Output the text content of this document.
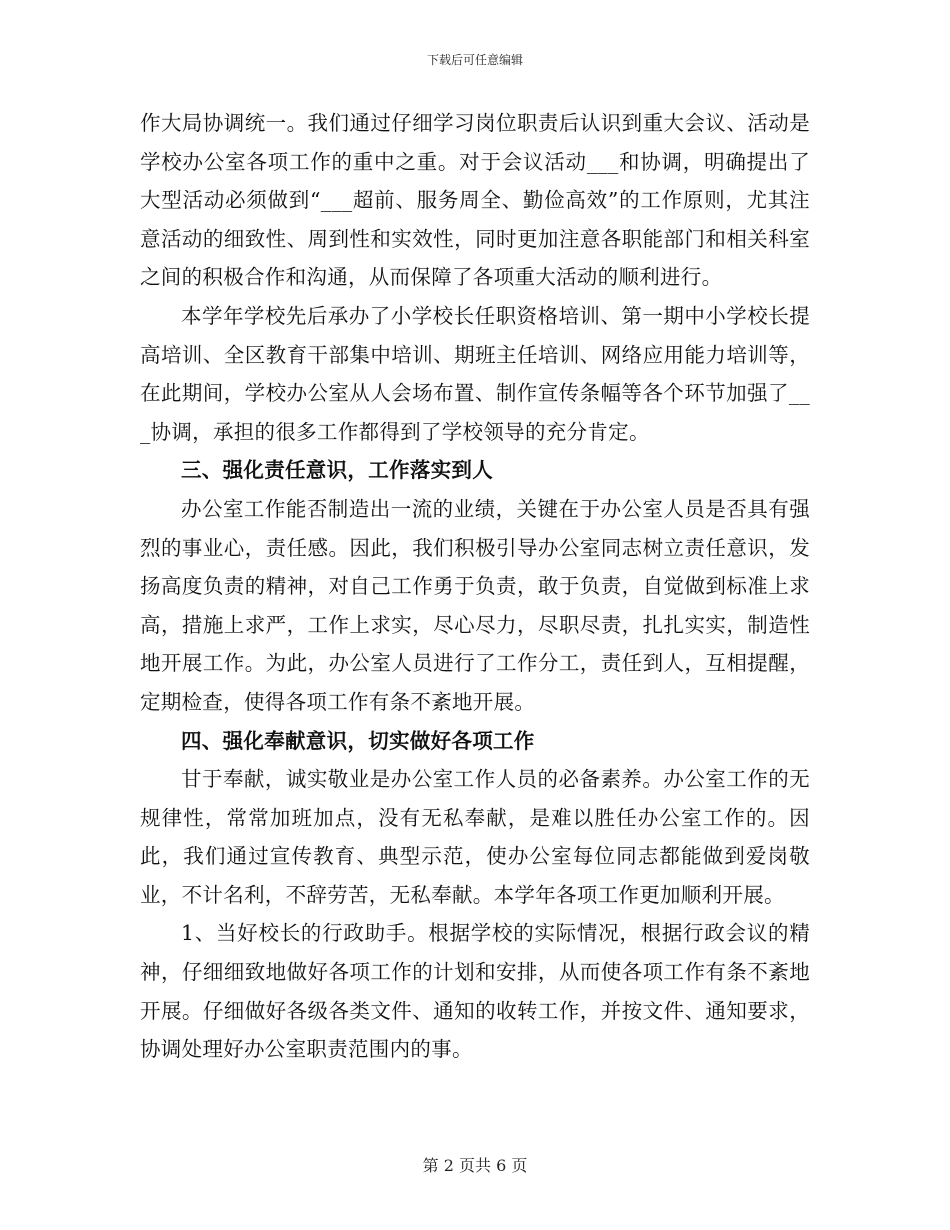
下载后可任意编辑

作大局协调统一。我们通过仔细学习岗位职责后认识到重大会议、活动是学校办公室各项工作的重中之重。对于会议活动___和协调，明确提出了大型活动必须做到“___超前、服务周全、勤俭高效”的工作原则，尤其注意活动的细致性、周到性和实效性，同时更加注意各职能部门和相关科室之间的积极合作和沟通，从而保障了各项重大活动的顺利进行。

本学年学校先后承办了小学校长任职资格培训、第一期中小学校长提高培训、全区教育干部集中培训、期班主任培训、网络应用能力培训等，在此期间，学校办公室从人会场布置、制作宣传条幅等各个环节加强了___协调，承担的很多工作都得到了学校领导的充分肯定。

三、强化责任意识，工作落实到人

办公室工作能否制造出一流的业绩，关键在于办公室人员是否具有强烈的事业心，责任感。因此，我们积极引导办公室同志树立责任意识，发扬高度负责的精神，对自己工作勇于负责，敢于负责，自觉做到标准上求高，措施上求严，工作上求实，尽心尽力，尽职尽责，扎扎实实，制造性地开展工作。为此，办公室人员进行了工作分工，责任到人，互相提醒，定期检查，使得各项工作有条不紊地开展。

四、强化奉献意识，切实做好各项工作

甘于奉献，诚实敬业是办公室工作人员的必备素养。办公室工作的无规律性，常常加班加点，没有无私奉献，是难以胜任办公室工作的。因此，我们通过宣传教育、典型示范，使办公室每位同志都能做到爱岗敬业，不计名利，不辞劳苦，无私奉献。本学年各项工作更加顺利开展。

1、当好校长的行政助手。根据学校的实际情况，根据行政会议的精神，仔细细致地做好各项工作的计划和安排，从而使各项工作有条不紊地开展。仔细做好各级各类文件、通知的收转工作，并按文件、通知要求，协调处理好办公室职责范围内的事。

第 2 页共 6 页
